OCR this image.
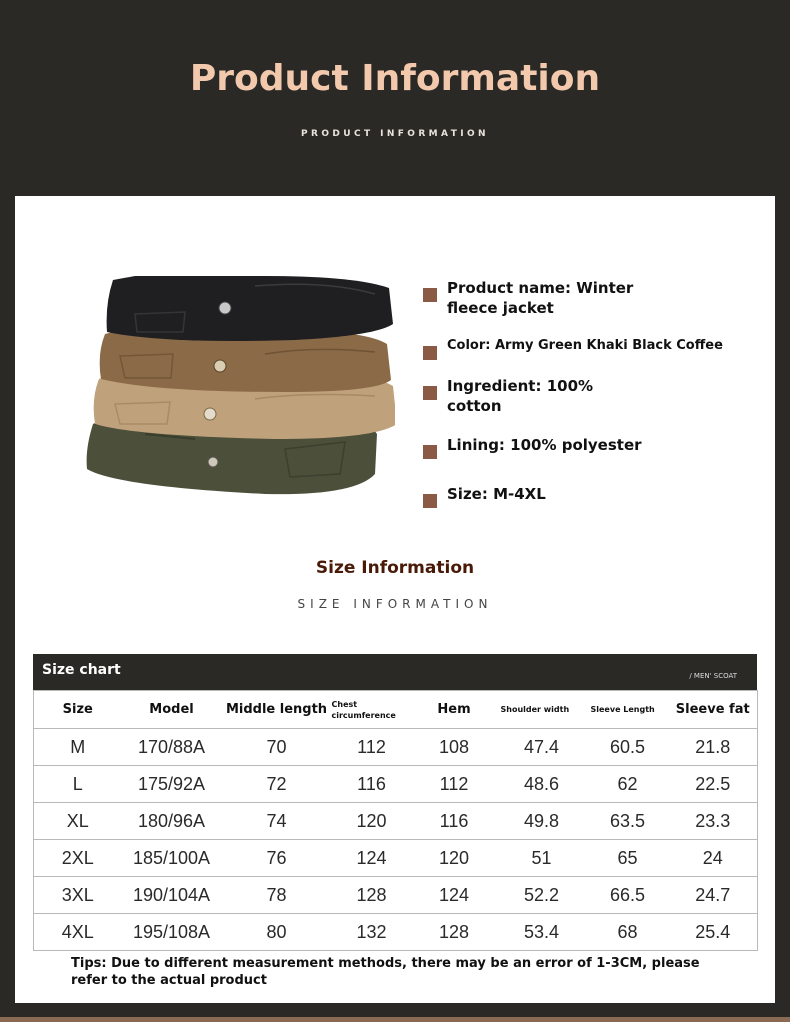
Product Information
PRODUCT INFORMATION
Product name: Winter fleece jacket
Color: Army Green Khaki Black Coffee
Ingredient: 100% cotton
Lining: 100% polyester
Size: M-4XL
Size Information
SIZE INFORMATION
Size chart	/ MEN' SCOAT
Size	Model	Middle length	Chest circumference	Hem	Shoulder width	Sleeve Length	Sleeve fat
M	170/88A	70	112	108	47.4	60.5	21.8
L	175/92A	72	116	112	48.6	62	22.5
XL	180/96A	74	120	116	49.8	63.5	23.3
2XL	185/100A	76	124	120	51	65	24
3XL	190/104A	78	128	124	52.2	66.5	24.7
4XL	195/108A	80	132	128	53.4	68	25.4
Tips: Due to different measurement methods, there may be an error of 1-3CM, please refer to the actual product
